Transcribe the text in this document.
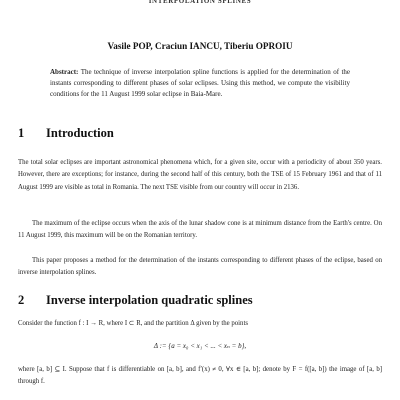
INTERPOLATION SPLINES
Vasile POP, Craciun IANCU, Tiberiu OPROIU
Abstract: The technique of inverse interpolation spline functions is applied for the determination of the instants corresponding to different phases of solar eclipses. Using this method, we compute the visibility conditions for the 11 August 1999 solar eclipse in Baia-Mare.
1 Introduction
The total solar eclipses are important astronomical phenomena which, for a given site, occur with a periodicity of about 350 years. However, there are exceptions; for instance, during the second half of this century, both the TSE of 15 February 1961 and that of 11 August 1999 are visible as total in Romania. The next TSE visible from our country will occur in 2136.
The maximum of the eclipse occurs when the axis of the lunar shadow cone is at minimum distance from the Earth's centre. On 11 August 1999, this maximum will be on the Romanian territory.
This paper proposes a method for the determination of the instants corresponding to different phases of the eclipse, based on inverse interpolation splines.
2 Inverse interpolation quadratic splines
Consider the function f : I → R, where I ⊂ R, and the partition Δ given by the points
Δ := {a = x₀ < x₁ < ... < xₙ = b},
where [a, b] ⊆ I. Suppose that f is differentiable on [a, b], and f′(x) ≠ 0, ∀x ∈ [a, b]; denote by F = f([a, b]) the image of [a, b] through f.
